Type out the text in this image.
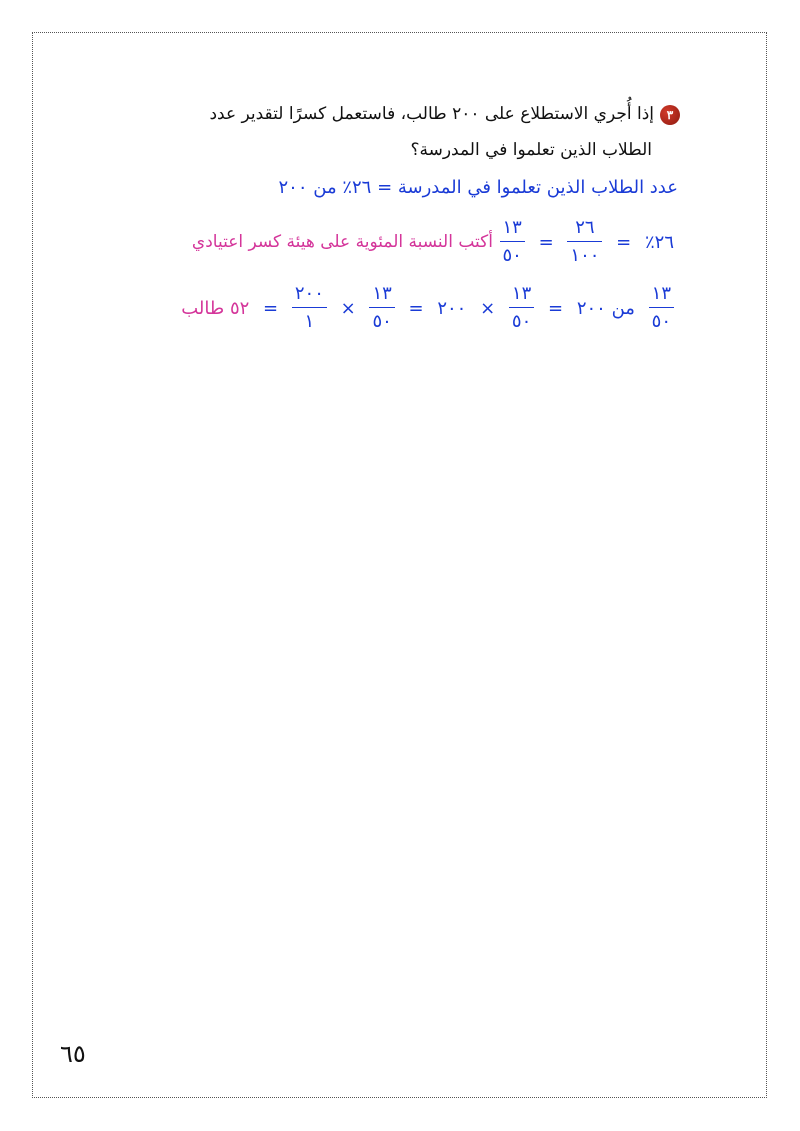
٣إذا أُجري الاستطلاع على ٢٠٠ طالب، فاستعمل كسرًا لتقدير عدد
الطلاب الذين تعلموا في المدرسة؟
عدد الطلاب الذين تعلموا في المدرسة = ٢٦٪ من ٢٠٠
٢٦٪ =
$\frac{٢٦}{١٠٠}$
=
$\frac{١٣}{٥٠}$
أكتب النسبة المئوية على هيئة كسر اعتيادي
$\frac{١٣}{٥٠}$
من ٢٠٠ =
$\frac{١٣}{٥٠}$
× ٢٠٠ =
$\frac{١٣}{٥٠}$
×
$\frac{٢٠٠}{١}$
= ٥٢ طالب
٦٥
